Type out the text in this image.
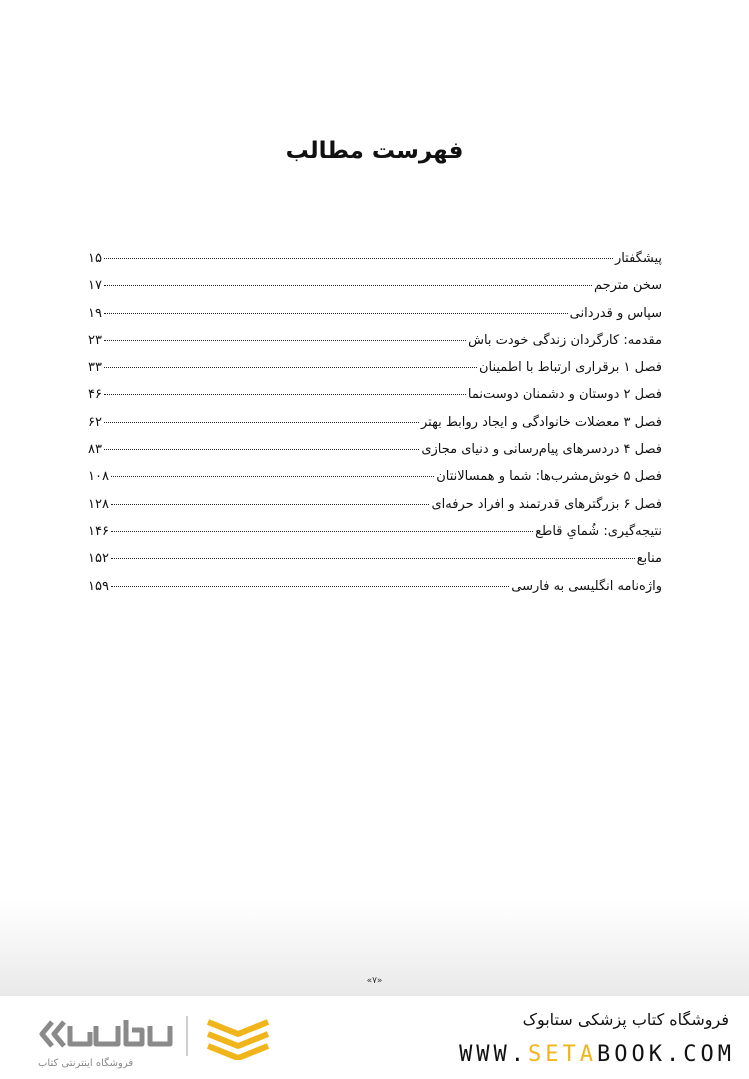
فهرست مطالب
پیشگفتار
۱۵
سخن مترجم
۱۷
سپاس و قدردانی
۱۹
مقدمه: کارگردان زندگی خودت باش
۲۳
فصل ۱ برقراری ارتباط با اطمینان
۳۳
فصل ۲ دوستان و دشمنان دوست‌نما
۴۶
فصل ۳ معضلات خانوادگی و ایجاد روابط بهتر
۶۲
فصل ۴ دردسرهای پیام‌رسانی و دنیای مجازی
۸۳
فصل ۵ خوش‌مشرب‌ها: شما و همسالانتان
۱۰۸
فصل ۶ بزرگترهای قدرتمند و افراد حرفه‌ای
۱۲۸
نتیجه‌گیری: شُمایِ قاطع
۱۴۶
منابع
۱۵۲
واژه‌نامه انگلیسی به فارسی
۱۵۹
«۷»
فروشگاه اینترنتی کتاب
فروشگاه کتاب پزشکی ستابوک
WWW.SETABOOK.COM
